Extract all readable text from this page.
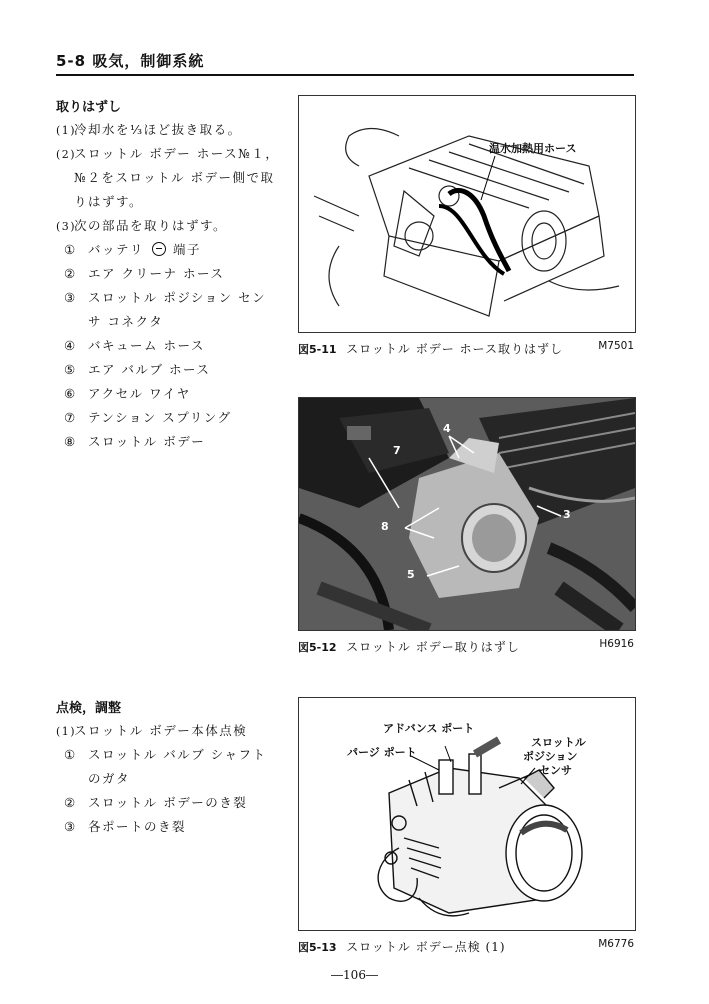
5-8 吸気，制御系統
取りはずし
(1)冷却水を⅓ほど抜き取る。
(2)スロットル ボデー ホース№１，
№２をスロットル ボデー側で取
りはずす。
(3)次の部品を取りはずす。
① バッテリ 端子
② エア クリーナ ホース
③ スロットル ポジション セン
サ コネクタ
④ バキューム ホース
⑤ エア バルブ ホース
⑥ アクセル ワイヤ
⑦ テンション スプリング
⑧ スロットル ボデー
点検，調整
(1)スロットル ボデー本体点検
① スロットル バルブ シャフト
のガタ
② スロットル ボデーのき裂
③ 各ポートのき裂
温水加熱用ホース
図5-11 スロットル ボデー ホース取りはずし	M7501
4
7
8
5
3
図5-12 スロットル ボデー取りはずし	H6916
アドバンス ポート
パージ ポート
スロットル
ポジション
センサ
図5-13 スロットル ボデー点検 (1)	M6776
―106―
